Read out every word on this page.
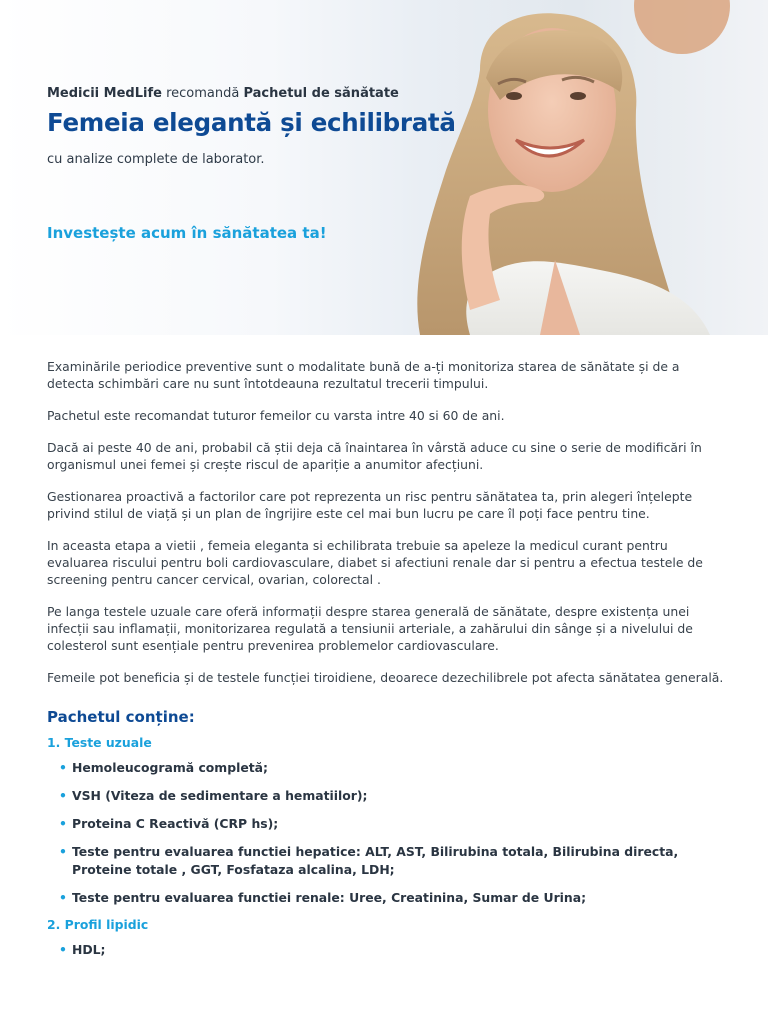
Medicii MedLife recomandă Pachetul de sănătate
Femeia elegantă și echilibrată
cu analize complete de laborator.
Investește acum în sănătatea ta!

Examinările periodice preventive sunt o modalitate bună de a-ți monitoriza starea de sănătate și de a detecta schimbări care nu sunt întotdeauna rezultatul trecerii timpului.

Pachetul este recomandat tuturor femeilor cu varsta intre 40 si 60 de ani.

Dacă ai peste 40 de ani, probabil că știi deja că înaintarea în vârstă aduce cu sine o serie de modificări în organismul unei femei și crește riscul de apariție a anumitor afecțiuni.

Gestionarea proactivă a factorilor care pot reprezenta un risc pentru sănătatea ta, prin alegeri înțelepte privind stilul de viață și un plan de îngrijire este cel mai bun lucru pe care îl poți face pentru tine.

In aceasta etapa a vietii , femeia eleganta si echilibrata trebuie sa apeleze la medicul curant pentru evaluarea riscului pentru boli cardiovasculare, diabet si afectiuni renale dar si pentru a efectua testele de screening pentru cancer cervical, ovarian, colorectal .

Pe langa testele uzuale care oferă informații despre starea generală de sănătate, despre existența unei infecții sau inflamații, monitorizarea regulată a tensiunii arteriale, a zahărului din sânge și a nivelului de colesterol sunt esențiale pentru prevenirea problemelor cardiovasculare.

Femeile pot beneficia și de testele funcției tiroidiene, deoarece dezechilibrele pot afecta sănătatea generală.

Pachetul conține:
1. Teste uzuale
• Hemoleucogramă completă;
• VSH (Viteza de sedimentare a hematiilor);
• Proteina C Reactivă (CRP hs);
• Teste pentru evaluarea functiei hepatice: ALT, AST, Bilirubina totala, Bilirubina directa, Proteine totale , GGT, Fosfataza alcalina, LDH;
• Teste pentru evaluarea functiei renale: Uree, Creatinina, Sumar de Urina;
2. Profil lipidic
• HDL;
